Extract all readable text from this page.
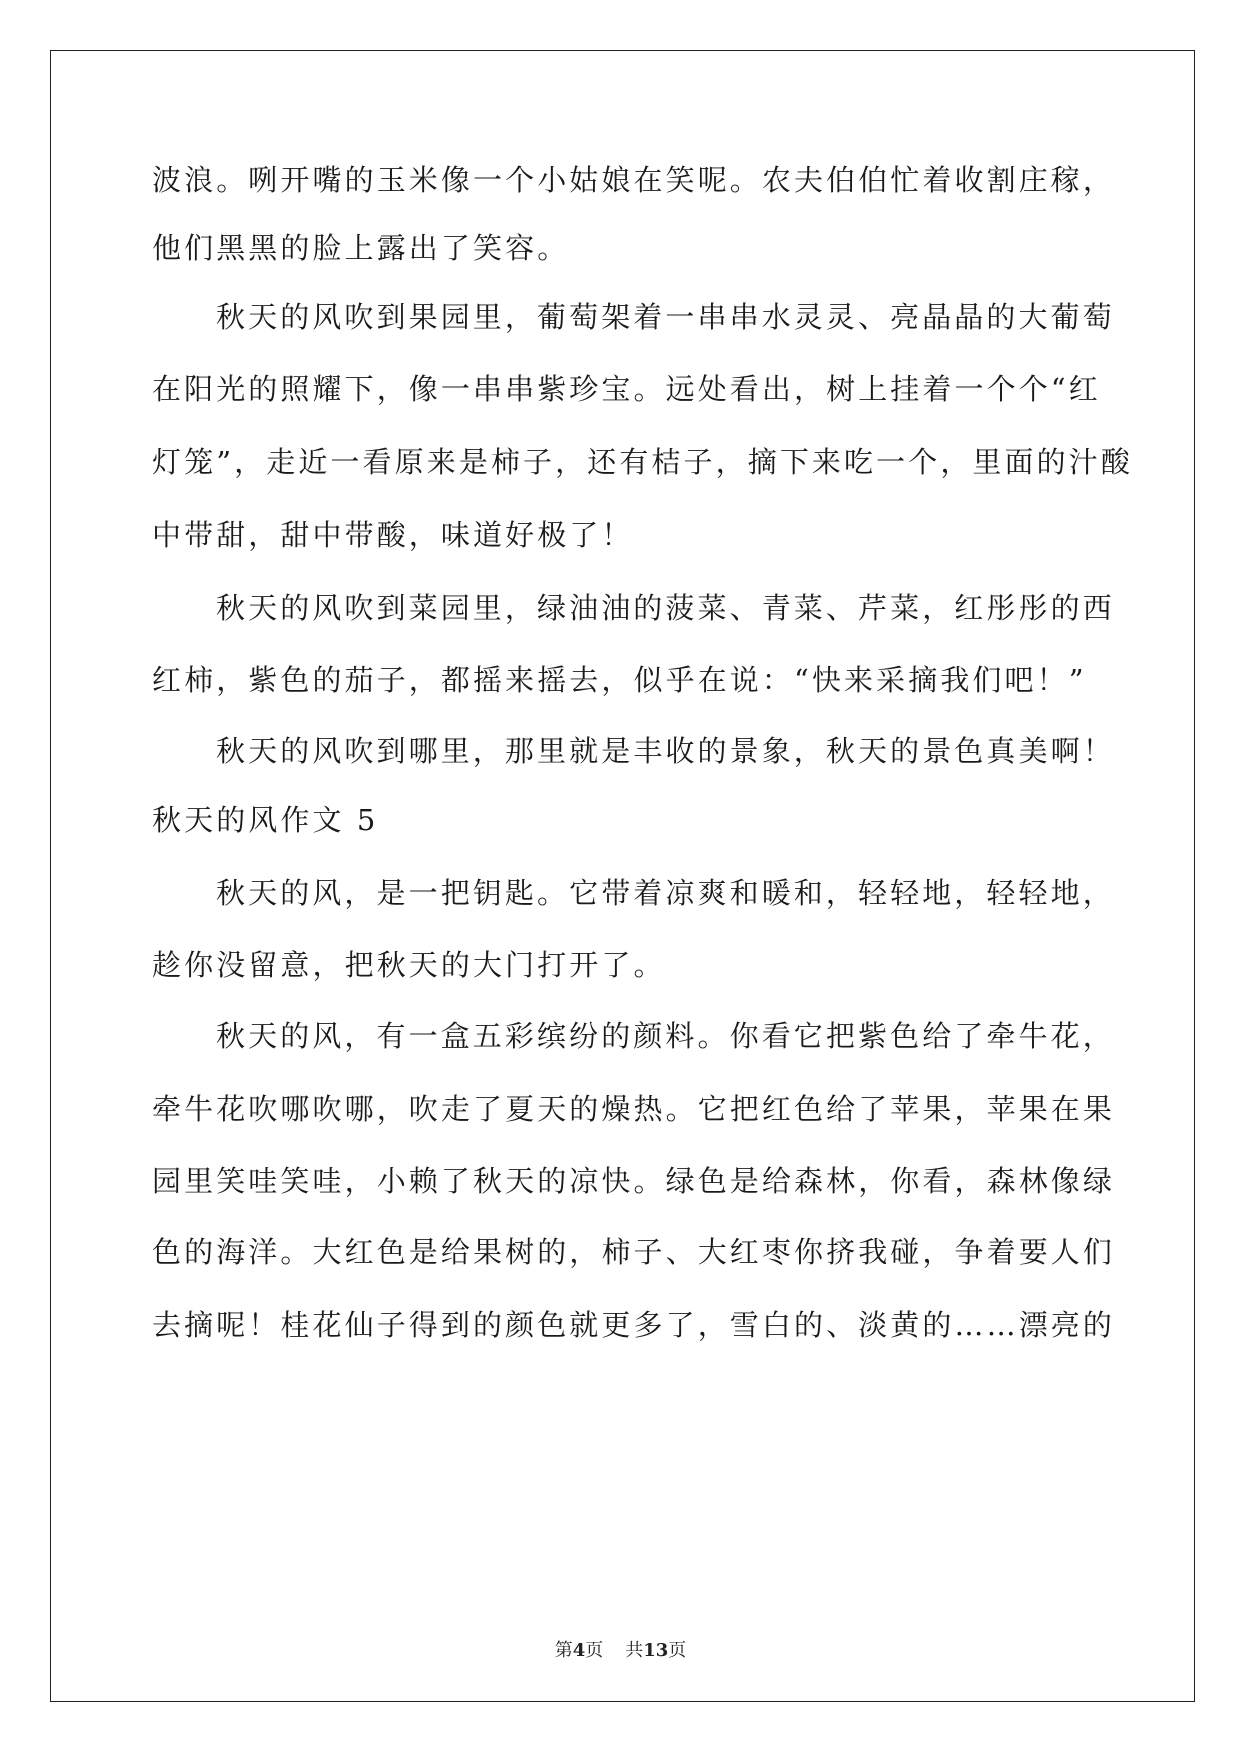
波浪。咧开嘴的玉米像一个小姑娘在笑呢。农夫伯伯忙着收割庄稼，
他们黑黑的脸上露出了笑容。
秋天的风吹到果园里，葡萄架着一串串水灵灵、亮晶晶的大葡萄
在阳光的照耀下，像一串串紫珍宝。远处看出，树上挂着一个个“红
灯笼”，走近一看原来是柿子，还有桔子，摘下来吃一个，里面的汁酸
中带甜，甜中带酸，味道好极了！
秋天的风吹到菜园里，绿油油的菠菜、青菜、芹菜，红彤彤的西
红柿，紫色的茄子，都摇来摇去，似乎在说：“快来采摘我们吧！”
秋天的风吹到哪里，那里就是丰收的景象，秋天的景色真美啊！
秋天的风作文 5
秋天的风，是一把钥匙。它带着凉爽和暖和，轻轻地，轻轻地，
趁你没留意，把秋天的大门打开了。
秋天的风，有一盒五彩缤纷的颜料。你看它把紫色给了牵牛花，
牵牛花吹哪吹哪，吹走了夏天的燥热。它把红色给了苹果，苹果在果
园里笑哇笑哇，小赖了秋天的凉快。绿色是给森林，你看，森林像绿
色的海洋。大红色是给果树的，柿子、大红枣你挤我碰，争着要人们
去摘呢！桂花仙子得到的颜色就更多了，雪白的、淡黄的……漂亮的
第4页 共13页
